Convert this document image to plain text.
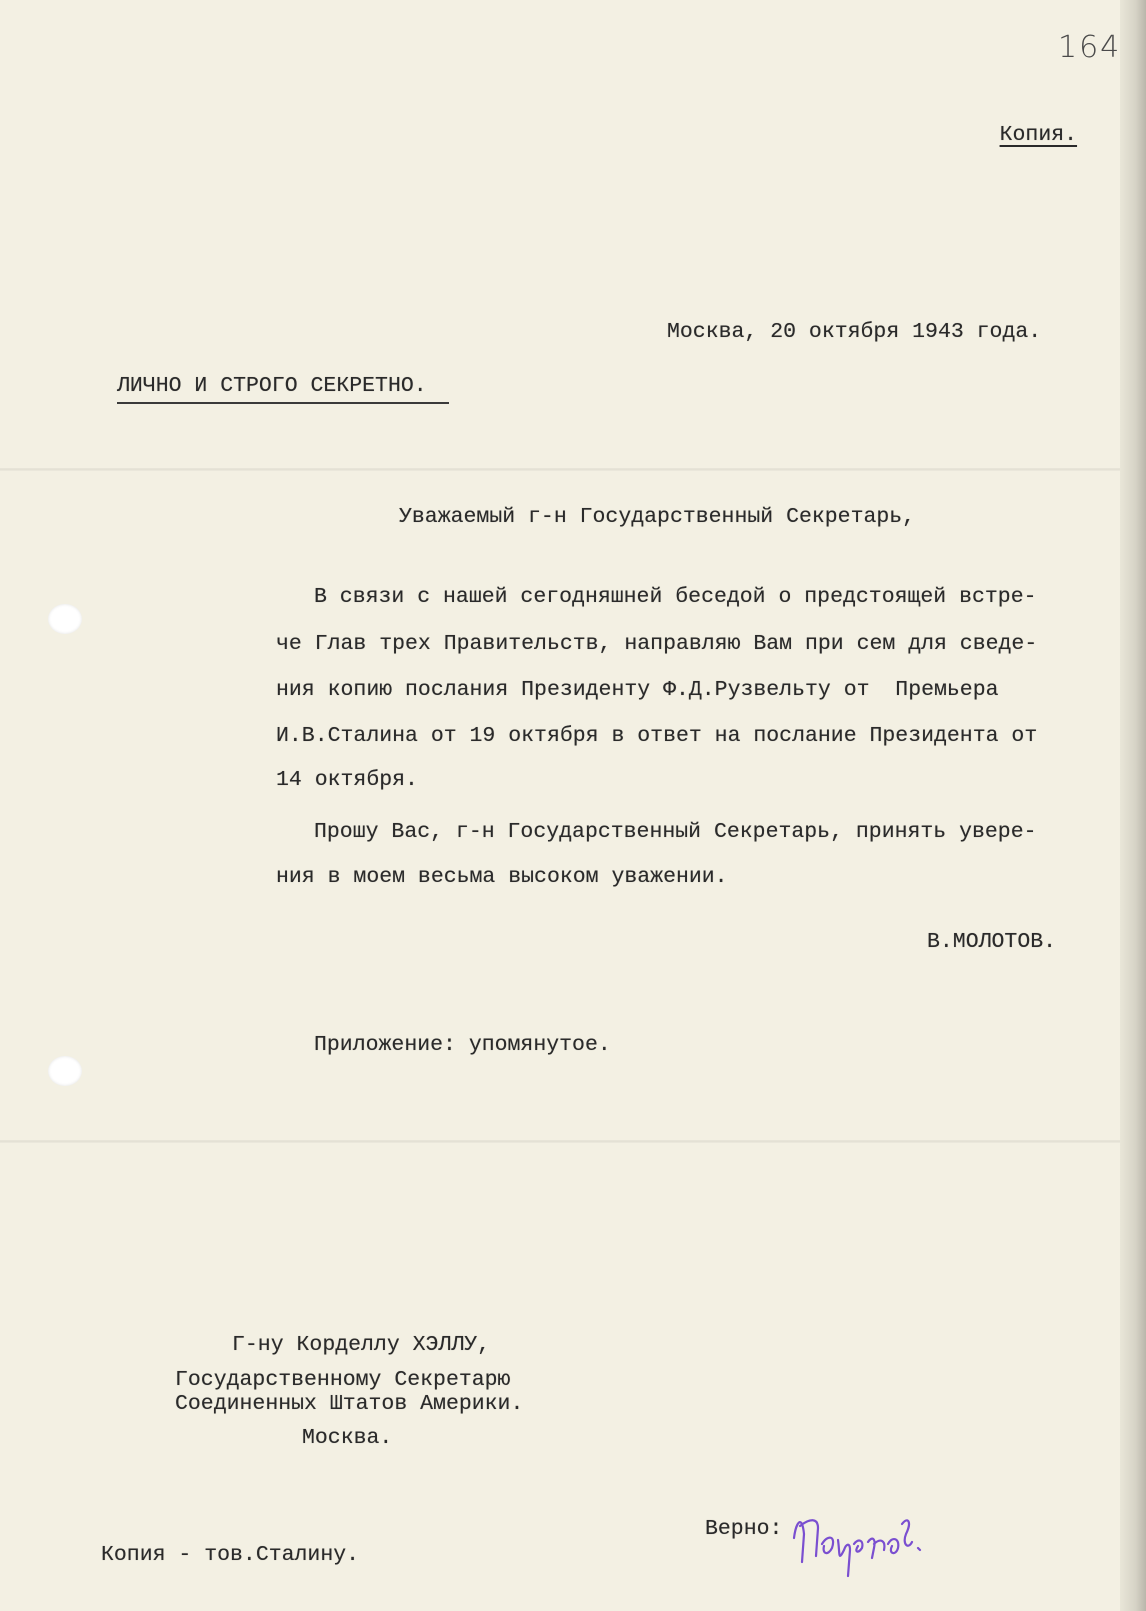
164

Копия.

Москва, 20 октября 1943 года.
ЛИЧНО И СТРОГО СЕКРЕТНО.
Уважаемый г-н Государственный Секретарь,
В связи с нашей сегодняшней беседой о предстоящей встре-
че Глав трех Правительств, направляю Вам при сем для сведе-
ния копию послания Президенту Ф.Д.Рузвельту от  Премьера
И.В.Сталина от 19 октября в ответ на послание Президента от
14 октября.
Прошу Вас, г-н Государственный Секретарь, принять увере-
ния в моем весьма высоком уважении.
В.МОЛОТОВ.
Приложение: упомянутое.
Г-ну Корделлу ХЭЛЛУ,
Государственному Секретарю
Соединенных Штатов Америки.
Москва.
Верно:
Копия - тов.Сталину.
